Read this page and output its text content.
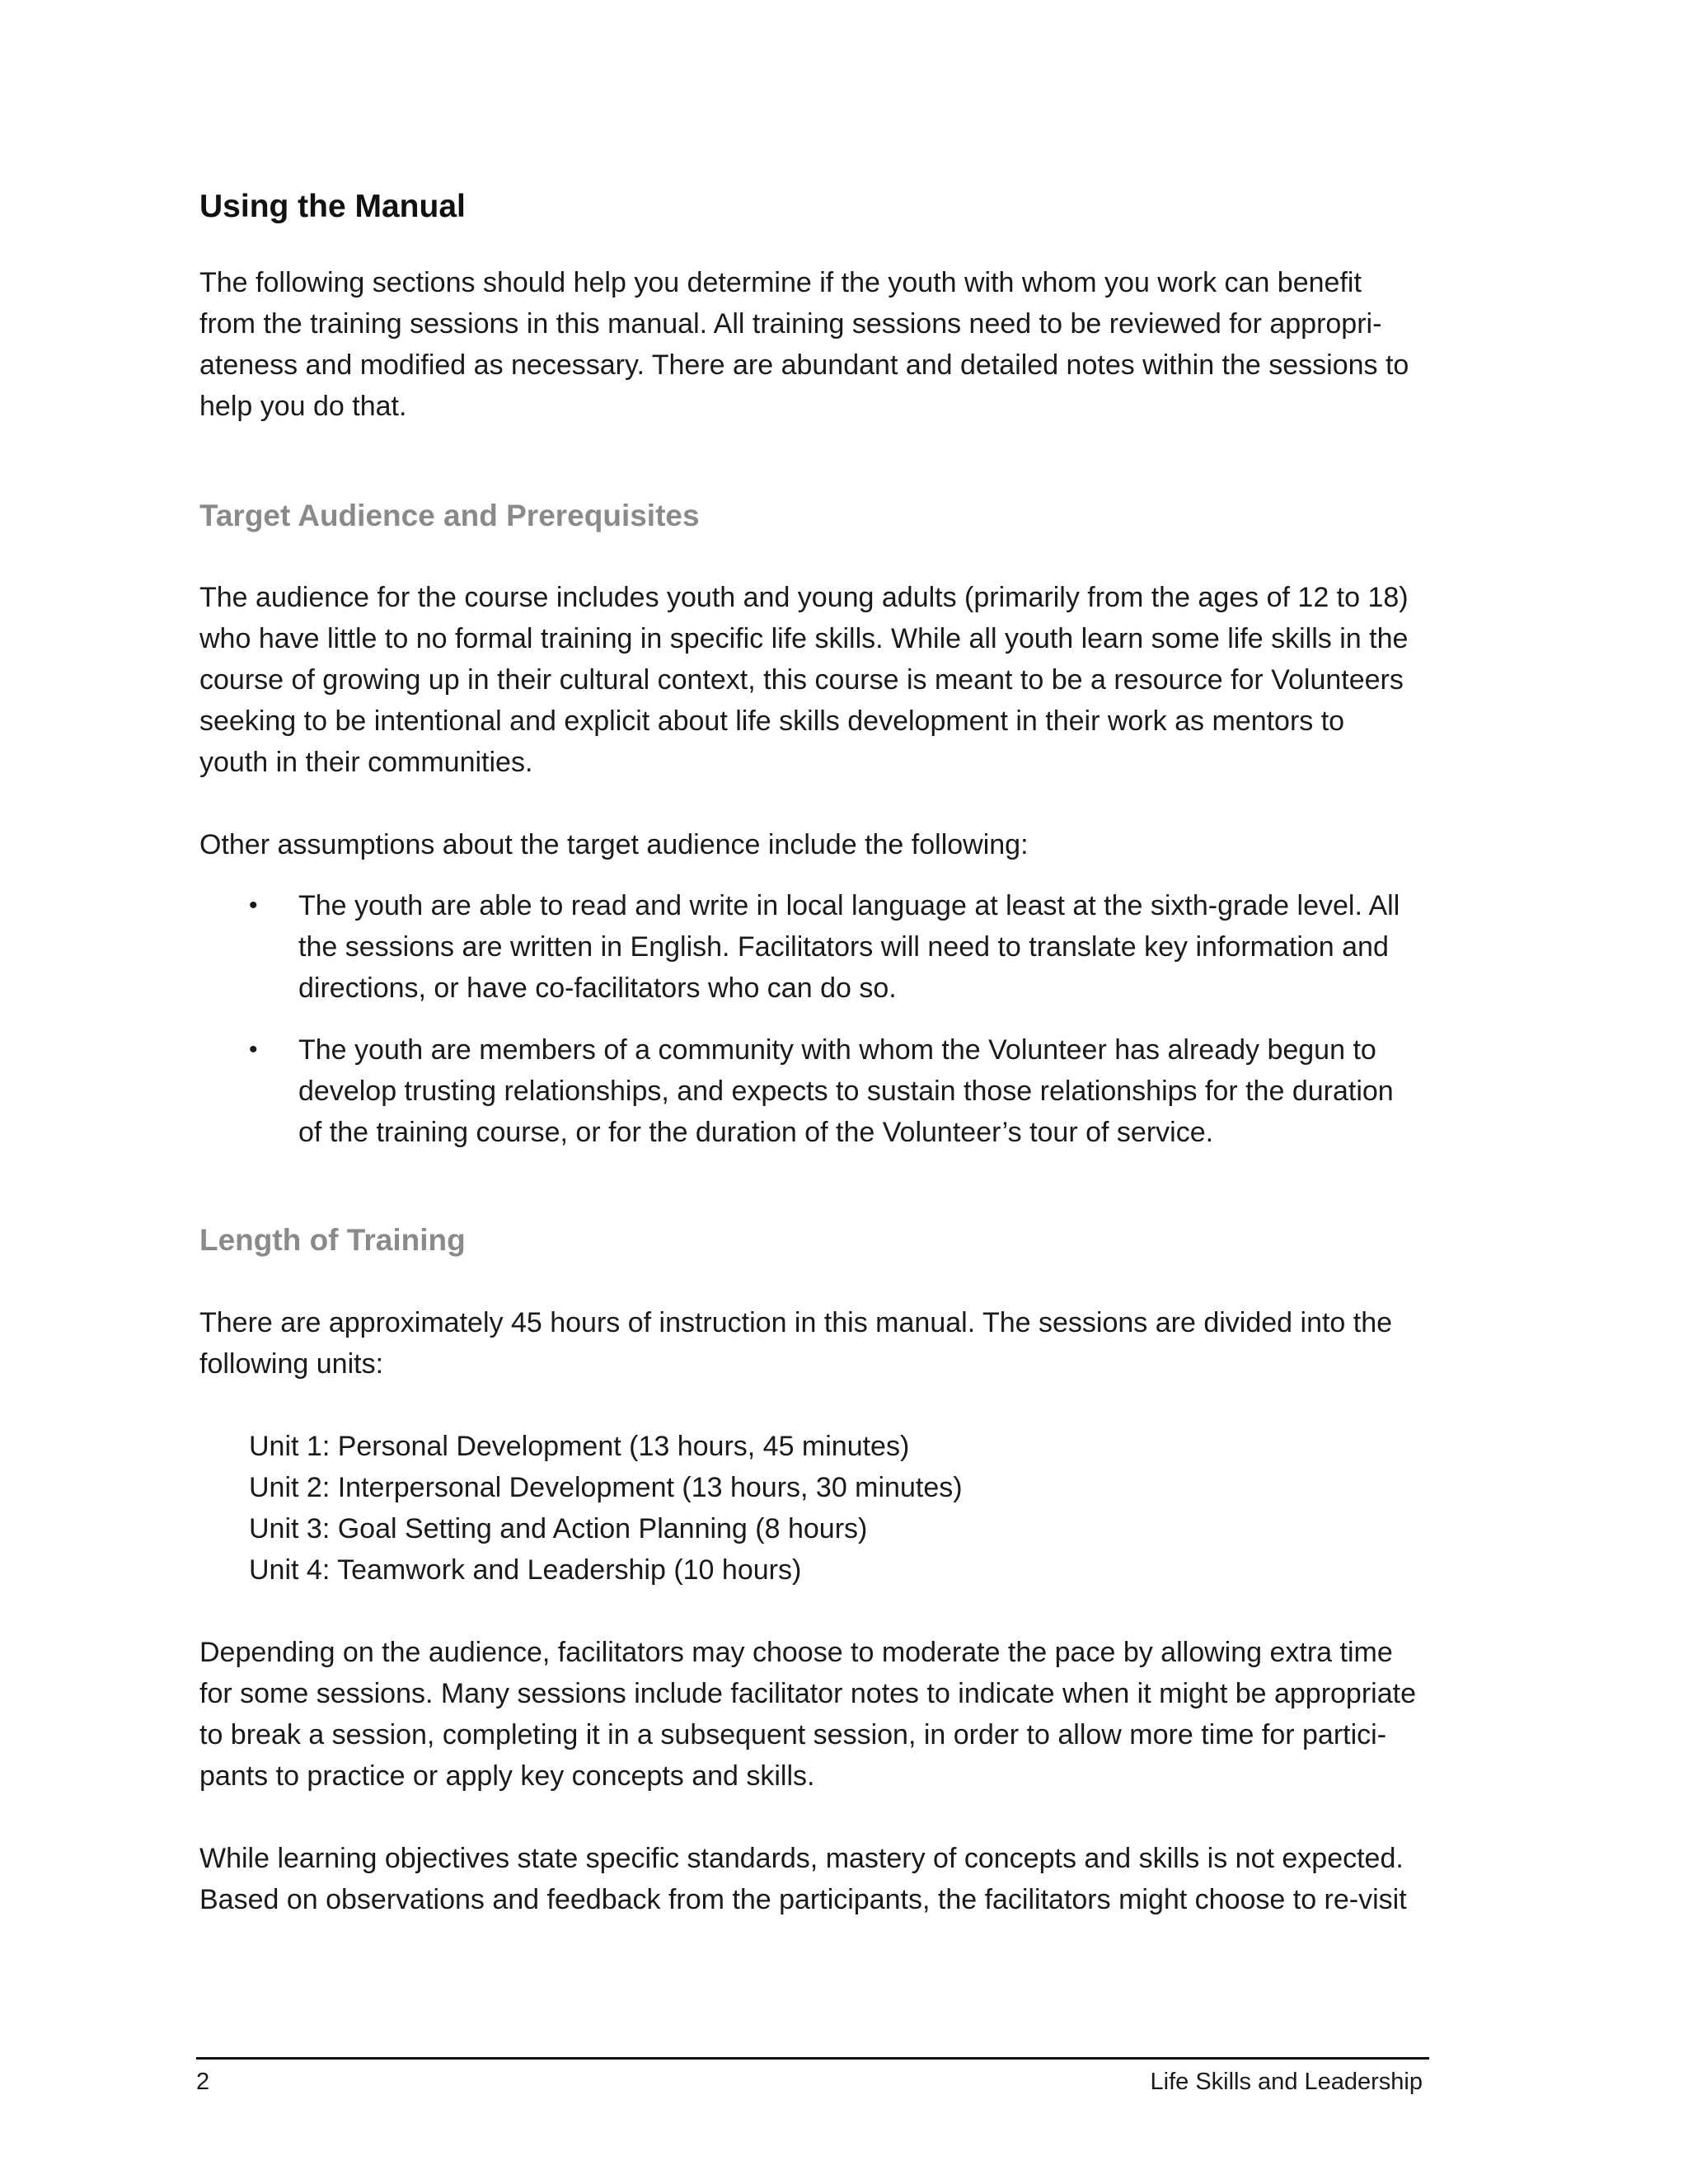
Using the Manual

The following sections should help you determine if the youth with whom you work can benefit
from the training sessions in this manual. All training sessions need to be reviewed for appropri-
ateness and modified as necessary. There are abundant and detailed notes within the sessions to
help you do that.

Target Audience and Prerequisites

The audience for the course includes youth and young adults (primarily from the ages of 12 to 18)
who have little to no formal training in specific life skills. While all youth learn some life skills in the
course of growing up in their cultural context, this course is meant to be a resource for Volunteers
seeking to be intentional and explicit about life skills development in their work as mentors to
youth in their communities.

Other assumptions about the target audience include the following:

• The youth are able to read and write in local language at least at the sixth-grade level. All
the sessions are written in English. Facilitators will need to translate key information and
directions, or have co-facilitators who can do so.
• The youth are members of a community with whom the Volunteer has already begun to
develop trusting relationships, and expects to sustain those relationships for the duration
of the training course, or for the duration of the Volunteer’s tour of service.
Length of Training

There are approximately 45 hours of instruction in this manual. The sessions are divided into the
following units:

Unit 1: Personal Development (13 hours, 45 minutes)
Unit 2: Interpersonal Development (13 hours, 30 minutes)
Unit 3: Goal Setting and Action Planning (8 hours)
Unit 4: Teamwork and Leadership (10 hours)

Depending on the audience, facilitators may choose to moderate the pace by allowing extra time
for some sessions. Many sessions include facilitator notes to indicate when it might be appropriate
to break a session, completing it in a subsequent session, in order to allow more time for partici-
pants to practice or apply key concepts and skills.

While learning objectives state specific standards, mastery of concepts and skills is not expected.
Based on observations and feedback from the participants, the facilitators might choose to re-visit

2	Life Skills and Leadership
